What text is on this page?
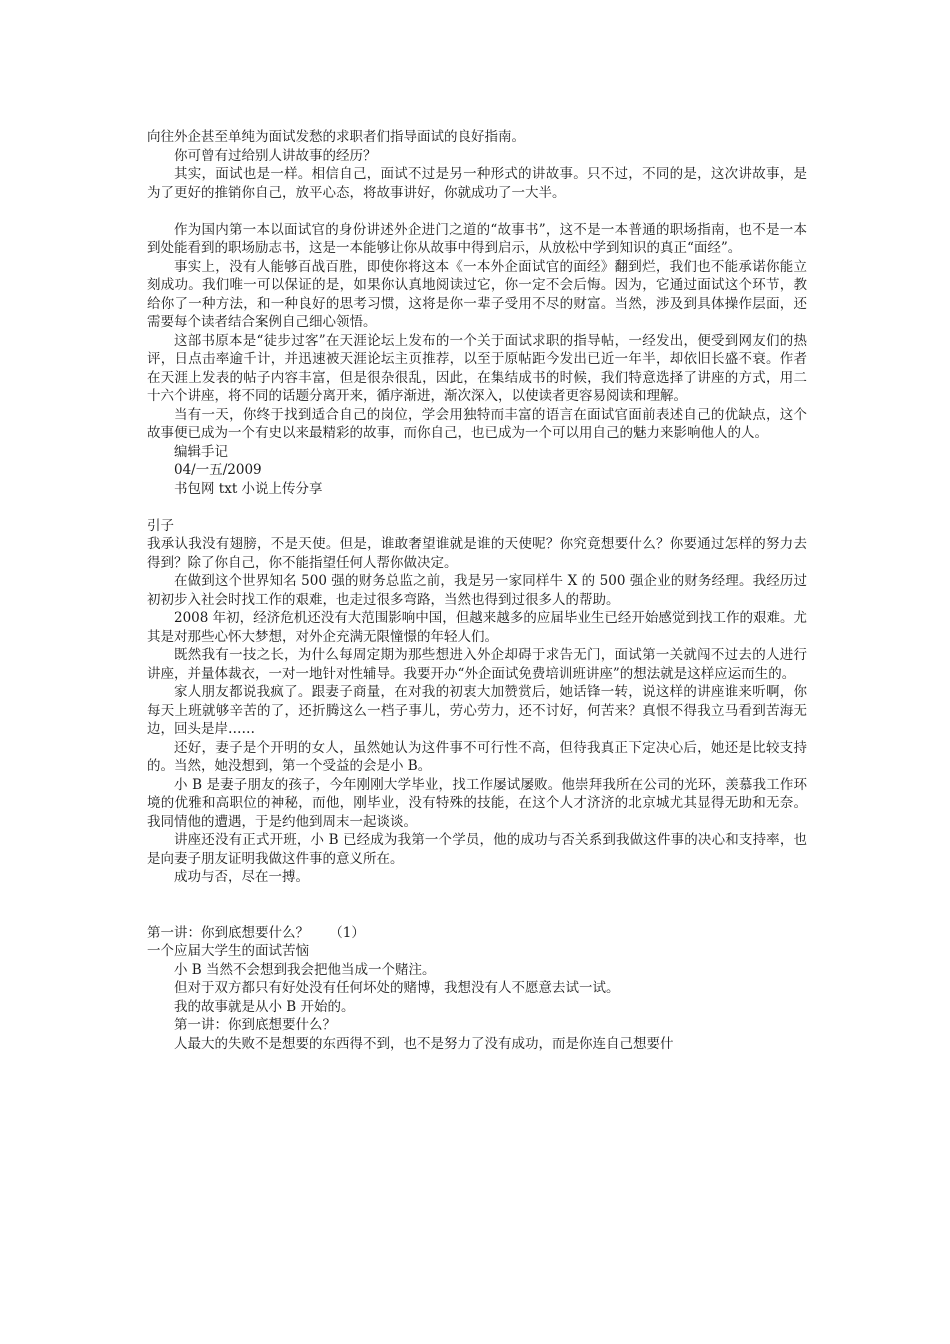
向往外企甚至单纯为面试发愁的求职者们指导面试的良好指南。

你可曾有过给别人讲故事的经历？

其实，面试也是一样。相信自己，面试不过是另一种形式的讲故事。只不过，不同的是，这次讲故事，是为了更好的推销你自己，放平心态，将故事讲好，你就成功了一大半。

作为国内第一本以面试官的身份讲述外企进门之道的“故事书”，这不是一本普通的职场指南，也不是一本到处能看到的职场励志书，这是一本能够让你从故事中得到启示，从放松中学到知识的真正“面经”。

事实上，没有人能够百战百胜，即使你将这本《一本外企面试官的面经》翻到烂，我们也不能承诺你能立刻成功。我们唯一可以保证的是，如果你认真地阅读过它，你一定不会后悔。因为，它通过面试这个环节，教给你了一种方法，和一种良好的思考习惯，这将是你一辈子受用不尽的财富。当然，涉及到具体操作层面，还需要每个读者结合案例自己细心领悟。

这部书原本是“徒步过客”在天涯论坛上发布的一个关于面试求职的指导帖，一经发出，便受到网友们的热评，日点击率逾千计，并迅速被天涯论坛主页推荐，以至于原帖距今发出已近一年半，却依旧长盛不衰。作者在天涯上发表的帖子内容丰富，但是很杂很乱，因此，在集结成书的时候，我们特意选择了讲座的方式，用二十六个讲座，将不同的话题分离开来，循序渐进，渐次深入，以使读者更容易阅读和理解。

当有一天，你终于找到适合自己的岗位，学会用独特而丰富的语言在面试官面前表述自己的优缺点，这个故事便已成为一个有史以来最精彩的故事，而你自己，也已成为一个可以用自己的魅力来影响他人的人。

编辑手记

04/一五/2009

书包网 txt 小说上传分享

引子

我承认我没有翅膀，不是天使。但是，谁敢奢望谁就是谁的天使呢？你究竟想要什么？你要通过怎样的努力去得到？除了你自己，你不能指望任何人帮你做决定。

在做到这个世界知名 500 强的财务总监之前，我是另一家同样牛 X 的 500 强企业的财务经理。我经历过初初步入社会时找工作的艰难，也走过很多弯路，当然也得到过很多人的帮助。

2008 年初，经济危机还没有大范围影响中国，但越来越多的应届毕业生已经开始感觉到找工作的艰难。尤其是对那些心怀大梦想，对外企充满无限憧憬的年轻人们。

既然我有一技之长，为什么每周定期为那些想进入外企却碍于求告无门，面试第一关就闯不过去的人进行讲座，并量体裁衣，一对一地针对性辅导。我要开办“外企面试免费培训班讲座”的想法就是这样应运而生的。

家人朋友都说我疯了。跟妻子商量，在对我的初衷大加赞赏后，她话锋一转，说这样的讲座谁来听啊，你每天上班就够辛苦的了，还折腾这么一档子事儿，劳心劳力，还不讨好，何苦来？真恨不得我立马看到苦海无边，回头是岸……

还好，妻子是个开明的女人，虽然她认为这件事不可行性不高，但待我真正下定决心后，她还是比较支持的。当然，她没想到，第一个受益的会是小 B。

小 B 是妻子朋友的孩子，今年刚刚大学毕业，找工作屡试屡败。他崇拜我所在公司的光环，羡慕我工作环境的优雅和高职位的神秘，而他，刚毕业，没有特殊的技能，在这个人才济济的北京城尤其显得无助和无奈。我同情他的遭遇，于是约他到周末一起谈谈。

讲座还没有正式开班，小 B 已经成为我第一个学员，他的成功与否关系到我做这件事的决心和支持率，也是向妻子朋友证明我做这件事的意义所在。

成功与否，尽在一搏。

第一讲：你到底想要什么？　　（1）

一个应届大学生的面试苦恼

小 B 当然不会想到我会把他当成一个赌注。

但对于双方都只有好处没有任何坏处的赌博，我想没有人不愿意去试一试。

我的故事就是从小 B 开始的。

第一讲：你到底想要什么？

人最大的失败不是想要的东西得不到，也不是努力了没有成功，而是你连自己想要什
